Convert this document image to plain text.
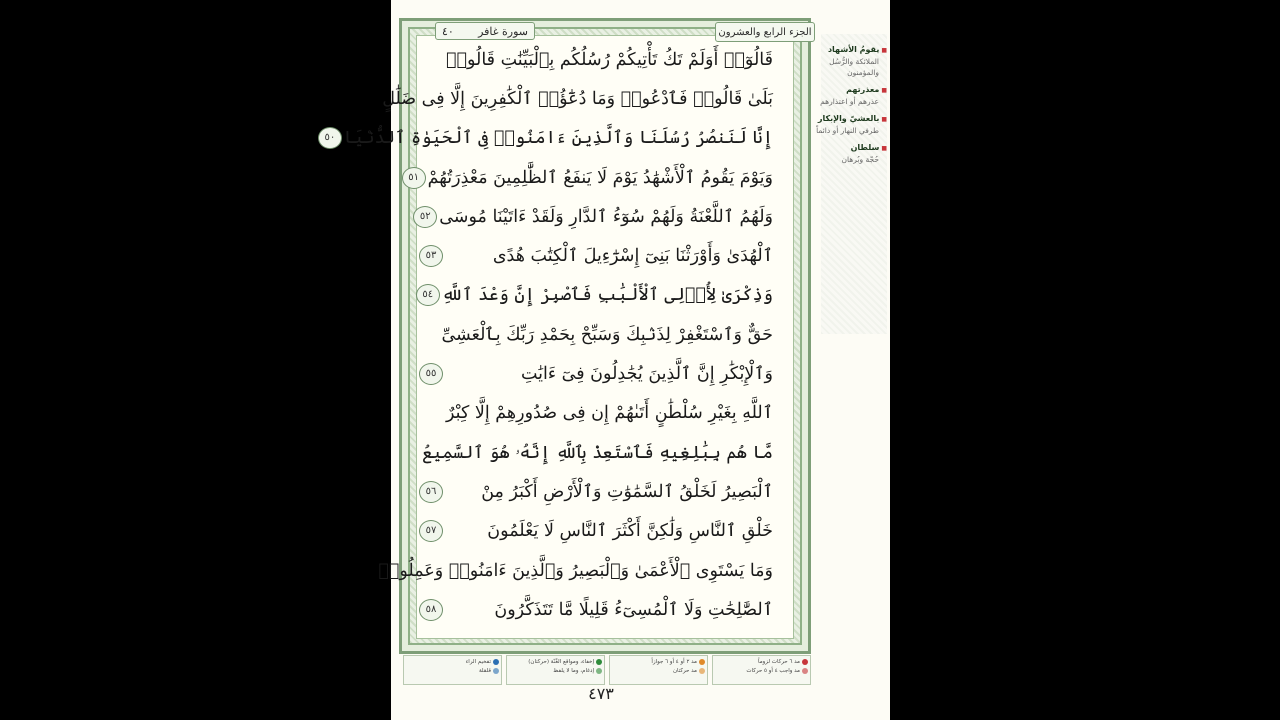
سورة غافر
٤٠	الجزء الرابع والعشرون
قَالُوٓا۟ أَوَلَمْ تَكُ تَأْتِيكُمْ رُسُلُكُم بِٱلْبَيِّنَٰتِ قَالُوا۟
بَلَىٰ قَالُوا۟ فَٱدْعُوا۟ وَمَا دُعَٰٓؤُا۟ ٱلْكَٰفِرِينَ إِلَّا فِى ضَلَٰلٍ
إِنَّا لَنَنصُرُ رُسُلَنَا وَٱلَّذِينَ ءَامَنُوا۟ فِى ٱلْحَيَوٰةِ ٱلدُّنْيَا
٥٠
وَيَوْمَ يَقُومُ ٱلْأَشْهَٰدُ يَوْمَ لَا يَنفَعُ ٱلظَّٰلِمِينَ مَعْذِرَتُهُمْ
٥١
وَلَهُمُ ٱللَّعْنَةُ وَلَهُمْ سُوٓءُ ٱلدَّارِ وَلَقَدْ ءَاتَيْنَا مُوسَى
٥٢
ٱلْهُدَىٰ وَأَوْرَثْنَا بَنِىٓ إِسْرَٰٓءِيلَ ٱلْكِتَٰبَ هُدًى
٥٣
وَذِكْرَىٰ لِأُو۟لِى ٱلْأَلْبَٰبِ فَٱصْبِرْ إِنَّ وَعْدَ ٱللَّهِ
٥٤
حَقٌّ وَٱسْتَغْفِرْ لِذَنۢبِكَ وَسَبِّحْ بِحَمْدِ رَبِّكَ بِٱلْعَشِىِّ
وَٱلْإِبْكَٰرِ إِنَّ ٱلَّذِينَ يُجَٰدِلُونَ فِىٓ ءَايَٰتِ
٥٥
ٱللَّهِ بِغَيْرِ سُلْطَٰنٍ أَتَىٰهُمْ إِن فِى صُدُورِهِمْ إِلَّا كِبْرٌ
مَّا هُم بِبَٰلِغِيهِ فَٱسْتَعِذْ بِٱللَّهِ إِنَّهُۥ هُوَ ٱلسَّمِيعُ
ٱلْبَصِيرُ لَخَلْقُ ٱلسَّمَٰوَٰتِ وَٱلْأَرْضِ أَكْبَرُ مِنْ
٥٦
خَلْقِ ٱلنَّاسِ وَلَٰكِنَّ أَكْثَرَ ٱلنَّاسِ لَا يَعْلَمُونَ
٥٧
وَمَا يَسْتَوِى ٱلْأَعْمَىٰ وَٱلْبَصِيرُ وَٱلَّذِينَ ءَامَنُوا۟ وَعَمِلُوا۟
ٱلصَّٰلِحَٰتِ وَلَا ٱلْمُسِىٓءُ قَلِيلًا مَّا تَتَذَكَّرُونَ
٥٨
مد ٦ حركات لزوماً
مد واجب ٤ أو ٥ حركات
مد ٢ أو ٤ أو ٦ جوازاً
مد حركتان
إخفاء، ومواقع الغُنّة (حركتان)
إدغام، وما لا يلفظ
تفخيم الراء
قلقلة
٤٧٣
■ يقومُ الأشهاد
الملائكة والرُّسُل والمؤمنون
■ معذرتهم
عذرهم أو اعتذارهم
■ بالعشيّ والإبكار
طرفي النهار أو دائماً
■ سلطان
حُجّة وبُرهان
